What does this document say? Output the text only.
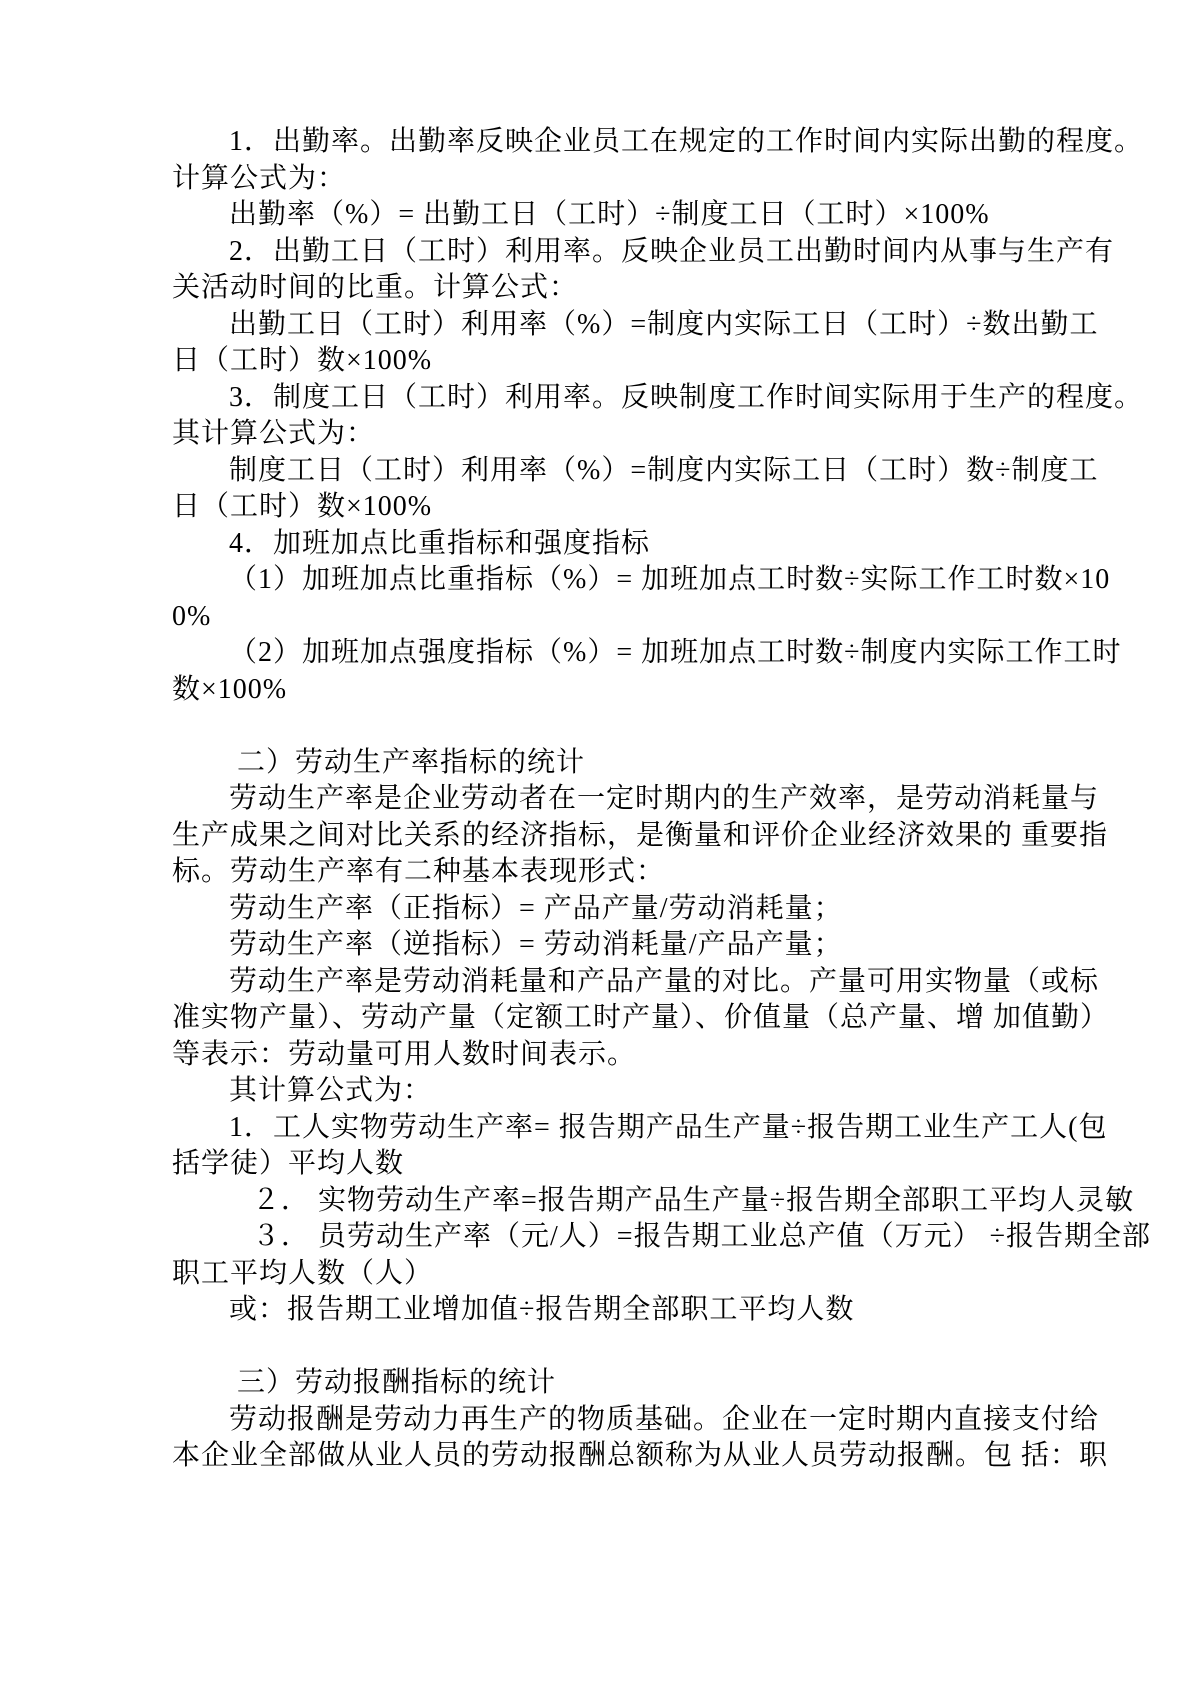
1．出勤率。出勤率反映企业员工在规定的工作时间内实际出勤的程度。
计算公式为：
出勤率（%）= 出勤工日（工时）÷制度工日（工时）×100%
2．出勤工日（工时）利用率。反映企业员工出勤时间内从事与生产有
关活动时间的比重。计算公式：
出勤工日（工时）利用率（%）=制度内实际工日（工时）÷数出勤工
日（工时）数×100%
3．制度工日（工时）利用率。反映制度工作时间实际用于生产的程度。
其计算公式为：
制度工日（工时）利用率（%）=制度内实际工日（工时）数÷制度工
日（工时）数×100%
4．加班加点比重指标和强度指标
（1）加班加点比重指标（%）= 加班加点工时数÷实际工作工时数×10
0%
（2）加班加点强度指标（%）= 加班加点工时数÷制度内实际工作工时
数×100%
二）劳动生产率指标的统计
劳动生产率是企业劳动者在一定时期内的生产效率，是劳动消耗量与
生产成果之间对比关系的经济指标，是衡量和评价企业经济效果的 重要指
标。劳动生产率有二种基本表现形式：
劳动生产率（正指标）= 产品产量/劳动消耗量；
劳动生产率（逆指标）= 劳动消耗量/产品产量；
劳动生产率是劳动消耗量和产品产量的对比。产量可用实物量（或标
准实物产量）、劳动产量（定额工时产量）、价值量（总产量、增 加值勤）
等表示：劳动量可用人数时间表示。
其计算公式为：
1．工人实物劳动生产率= 报告期产品生产量÷报告期工业生产工人(包
括学徒）平均人数
２． 实物劳动生产率=报告期产品生产量÷报告期全部职工平均人灵敏
３． 员劳动生产率（元/人）=报告期工业总产值（万元） ÷报告期全部
职工平均人数（人）
或：报告期工业增加值÷报告期全部职工平均人数
三）劳动报酬指标的统计
劳动报酬是劳动力再生产的物质基础。企业在一定时期内直接支付给
本企业全部做从业人员的劳动报酬总额称为从业人员劳动报酬。包 括：职
